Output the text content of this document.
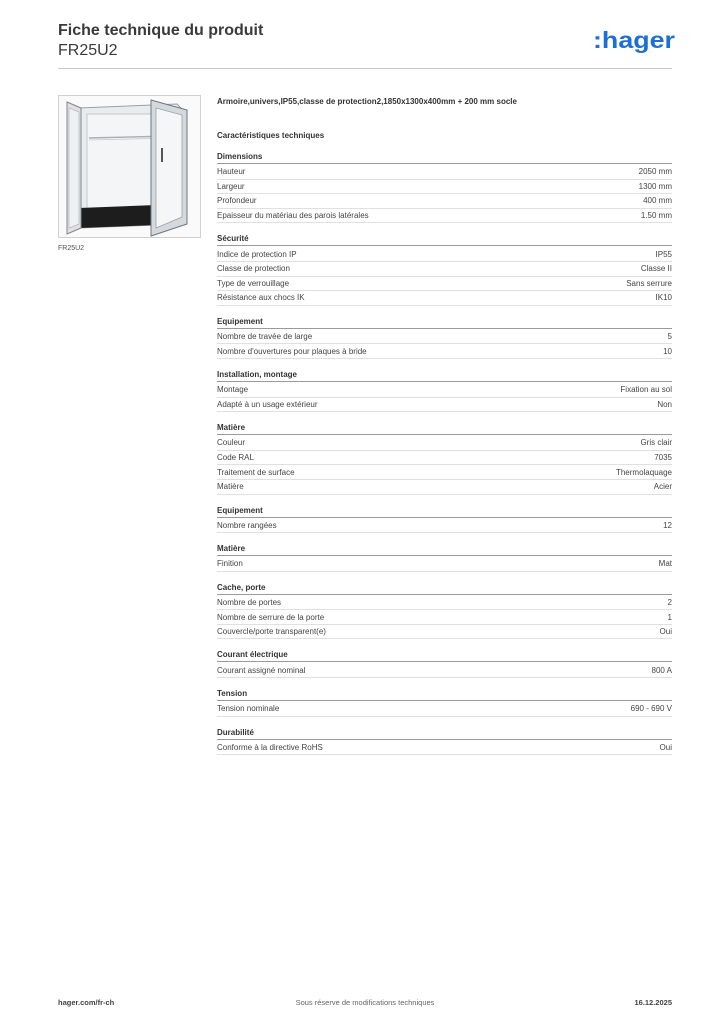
Fiche technique du produit
FR25U2	:hager
FR25U2
Armoire,univers,IP55,classe de protection2,1850x1300x400mm + 200 mm socle
Caractéristiques techniques
Dimensions
Hauteur	2050 mm
Largeur	1300 mm
Profondeur	400 mm
Epaisseur du matériau des parois latérales	1.50 mm
Sécurité
Indice de protection IP	IP55
Classe de protection	Classe II
Type de verrouillage	Sans serrure
Résistance aux chocs IK	IK10
Equipement
Nombre de travée de large	5
Nombre d'ouvertures pour plaques à bride	10
Installation, montage
Montage	Fixation au sol
Adapté à un usage extérieur	Non
Matière
Couleur	Gris clair
Code RAL	7035
Traitement de surface	Thermolaquage
Matière	Acier
Equipement
Nombre rangées	12
Matière
Finition	Mat
Cache, porte
Nombre de portes	2
Nombre de serrure de la porte	1
Couvercle/porte transparent(e)	Oui
Courant électrique
Courant assigné nominal	800 A
Tension
Tension nominale	690 - 690 V
Durabilité
Conforme à la directive RoHS	Oui
hager.com/fr-ch	Sous réserve de modifications techniques	16.12.2025
